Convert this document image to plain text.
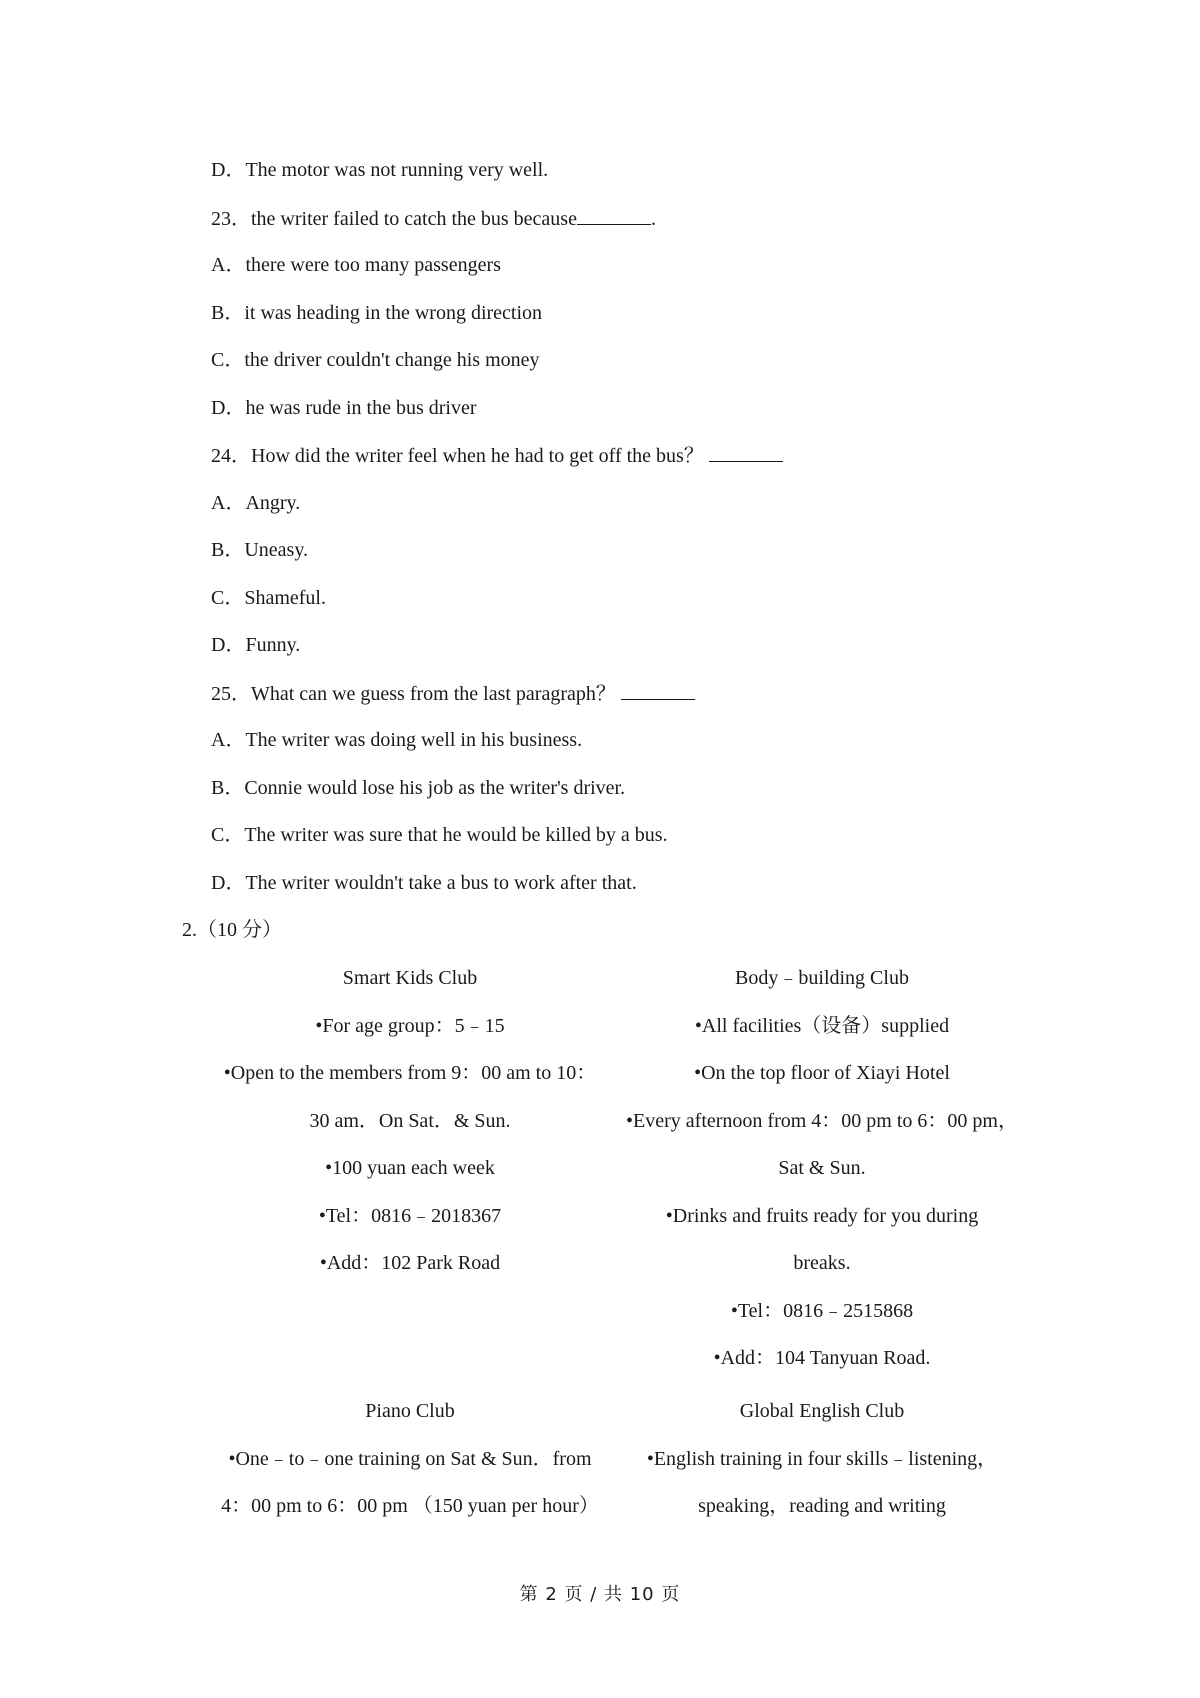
D．The motor was not running very well.
23．the writer failed to catch the bus because	.
A．there were too many passengers
B．it was heading in the wrong direction
C．the driver couldn't change his money
D．he was rude in the bus driver
24．How did the writer feel when he had to get off the bus？
A．Angry.
B．Uneasy.
C．Shameful.
D．Funny.
25．What can we guess from the last paragraph？
A．The writer was doing well in his business.
B．Connie would lose his job as the writer's driver.
C．The writer was sure that he would be killed by a bus.
D．The writer wouldn't take a bus to work after that.
2.（10 分）
Smart Kids Club
•For age group：5﹣15
•Open to the members from 9：00 am to 10：
30 am．On Sat．& Sun.
•100 yuan each week
•Tel：0816﹣2018367
•Add：102 Park Road
Body﹣building Club
•All facilities（设备）supplied
•On the top floor of Xiayi Hotel
•Every afternoon from 4：00 pm to 6：00 pm，
Sat & Sun.
•Drinks and fruits ready for you during
breaks.
•Tel：0816﹣2515868
•Add：104 Tanyuan Road.
Piano Club
•One﹣to﹣one training on Sat & Sun．from
4：00 pm to 6：00 pm （150 yuan per hour）
Global English Club
•English training in four skills﹣listening，
speaking，reading and writing
第 2 页 / 共 10 页
